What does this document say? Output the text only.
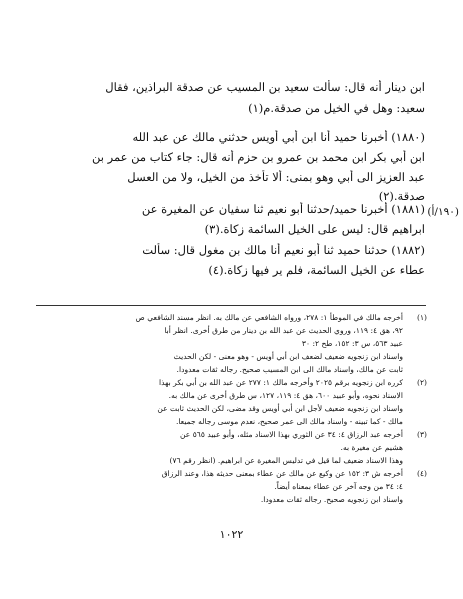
ابن دينار أنه قال: سألت سعيد بن المسيب عن صدقة البراذين، فقال
سعيد: وهل في الخيل من صدقة.م(١)
(١٨٨٠) أخبرنا حميد أنا ابن أبي أويس حدثني مالك عن عبد الله
ابن أبي بكر ابن محمد بن عمرو بن حزم أنه قال: جاء كتاب من عمر بن
عبد العزيز الى أبي وهو بمنى: ألا تأخذ من الخيل، ولا من العسل
صدقة.(٢)
(١٨٨١) أخبرنا حميد/حدثنا أبو نعيم ثنا سفيان عن المغيرة عن
ابراهيم قال: ليس على الخيل السائمة زكاة.(٣)
(١٨٨٢) حدثنا حميد ثنا أبو نعيم أنا مالك بن مغول قال: سألت
عطاء عن الخيل السائمة، فلم ير فيها زكاة.(٤)
(١٩٠/أ)
(١)
أخرجه مالك في الموطأ ١: ٢٧٨، ورواه الشافعي عن مالك به. انظر مسند الشافعي ص
٩٢، هق ٤: ١١٩، وروي الحديث عن عبد الله بن دينار من طرق أخرى. انظر أبا
عبيد ٥٦٣، س ٣: ١٥٢، طح ٢: ٣٠
واسناد ابن زنجويه ضعيف لضعف ابن أبي أويس - وهو معنى - لكن الحديث
ثابت عن مالك، واسناد مالك الى ابن المسيب صحيح. رجاله ثقات معدودا.
(٢)
كرره ابن زنجويه برقم ٢٠٢٥ وأخرجه مالك ١: ٢٧٧ عن عبد الله بن أبي بكر بهذا
الاسناد نحوه، وأبو عبيد ٦٠٠، هق ٤: ١١٩، ١٢٧، س طرق أخرى عن مالك به.
واسناد ابن زنجويه ضعيف لأجل ابن أبي أويس وقد مضى، لكن الحديث ثابت عن
مالك - كما تبينه - واسناد مالك الى عمر صحيح، نعدم موسى رجاله جميعا.
(٣)
أخرجه عبد الرزاق ٤: ٣٤ عن الثوري بهذا الاسناد مثله، وأبو عبيد ٥٦٥ عن
هشيم عن مغيرة به.
وهذا الاسناد ضعيف لما قيل في تدليس المغيرة عن ابراهيم. (انظر رقم ٧٦)
(٤)
أخرجه ش ٣: ١٥٢ عن وكيع عن مالك عن عطاء بمعنى حديثه هذا، وعند الرزاق
٤: ٣٤ من وجه آخر عن عطاء بمعناه أيضاً.
واسناد ابن زنجويه صحيح. رجاله ثقات معدودا.
١٠٢٢
